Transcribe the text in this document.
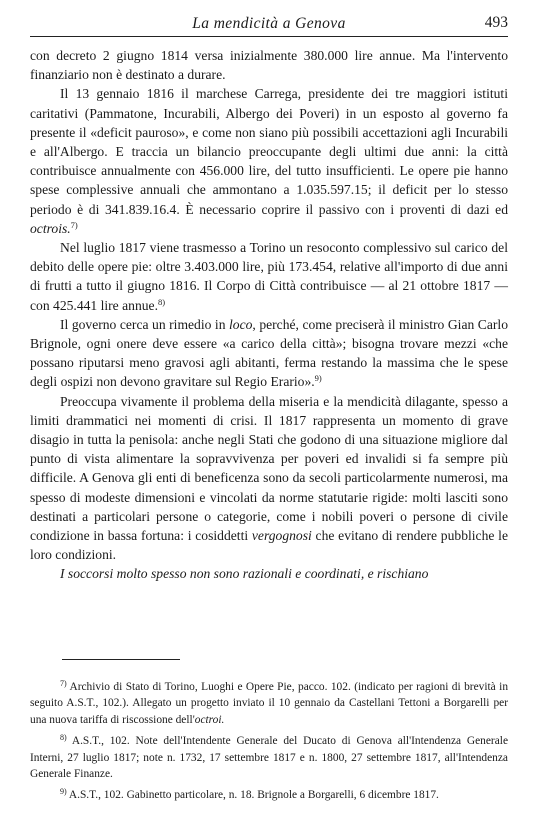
La mendicità a Genova	493

con decreto 2 giugno 1814 versa inizialmente 380.000 lire annue. Ma l'intervento finanziario non è destinato a durare.

Il 13 gennaio 1816 il marchese Carrega, presidente dei tre maggiori istituti caritativi (Pammatone, Incurabili, Albergo dei Poveri) in un esposto al governo fa presente il «deficit pauroso», e come non siano più possibili accettazioni agli Incurabili e all'Albergo. E traccia un bilancio preoccupante degli ultimi due anni: la città contribuisce annualmente con 456.000 lire, del tutto insufficienti. Le opere pie hanno spese complessive annuali che ammontano a 1.035.597.15; il deficit per lo stesso periodo è di 341.839.16.4. È necessario coprire il passivo con i proventi di dazi ed octrois.$^{7)}$

Nel luglio 1817 viene trasmesso a Torino un resoconto complessivo sul carico del debito delle opere pie: oltre 3.403.000 lire, più 173.454, relative all'importo di due anni di frutti a tutto il giugno 1816. Il Corpo di Città contribuisce — al 21 ottobre 1817 — con 425.441 lire annue.$^{8)}$

Il governo cerca un rimedio in loco, perché, come preciserà il ministro Gian Carlo Brignole, ogni onere deve essere «a carico della città»; bisogna trovare mezzi «che possano riputarsi meno gravosi agli abitanti, ferma restando la massima che le spese degli ospizi non devono gravitare sul Regio Erario».$^{9)}$

Preoccupa vivamente il problema della miseria e la mendicità dilagante, spesso a limiti drammatici nei momenti di crisi. Il 1817 rappresenta un momento di grave disagio in tutta la penisola: anche negli Stati che godono di una situazione migliore dal punto di vista alimentare la sopravvivenza per poveri ed invalidi si fa sempre più difficile. A Genova gli enti di beneficenza sono da secoli particolarmente numerosi, ma spesso di modeste dimensioni e vincolati da norme statutarie rigide: molti lasciti sono destinati a particolari persone o categorie, come i nobili poveri o persone di civile condizione in bassa fortuna: i cosiddetti vergognosi che evitano di rendere pubbliche le loro condizioni.

I soccorsi molto spesso non sono razionali e coordinati, e rischiano

$^{7)}$ Archivio di Stato di Torino, Luoghi e Opere Pie, pacco. 102. (indicato per ragioni di brevità in seguito A.S.T., 102.). Allegato un progetto inviato il 10 gennaio da Castellani Tettoni a Borgarelli per una nuova tariffa di riscossione dell'octroi.

$^{8)}$ A.S.T., 102. Note dell'Intendente Generale del Ducato di Genova all'Intendenza Generale Interni, 27 luglio 1817; note n. 1732, 17 settembre 1817 e n. 1800, 27 settembre 1817, all'Intendenza Generale Finanze.

$^{9)}$ A.S.T., 102. Gabinetto particolare, n. 18. Brignole a Borgarelli, 6 dicembre 1817.
